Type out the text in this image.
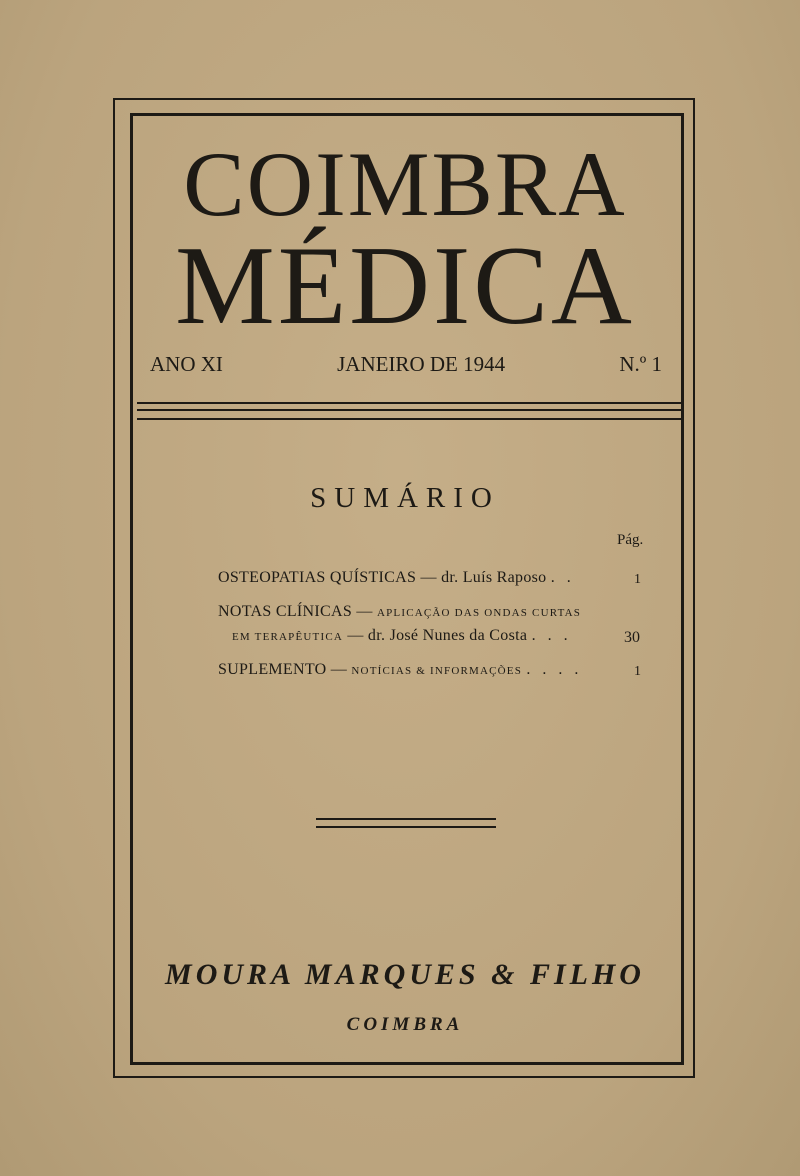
COIMBRA
MÉDICA
ANO XI	JANEIRO DE 1944	N.º 1
SUMÁRIO
Pág.
OSTEOPATIAS QUÍSTICAS — dr. Luís Raposo . .	1
NOTAS CLÍNICAS — APLICAÇÃO DAS ONDAS CURTAS
EM TERAPÊUTICA — dr. José Nunes da Costa . . .	30
SUPLEMENTO — NOTÍCIAS & INFORMAÇÕES . . . .	1
MOURA MARQUES & FILHO
COIMBRA
